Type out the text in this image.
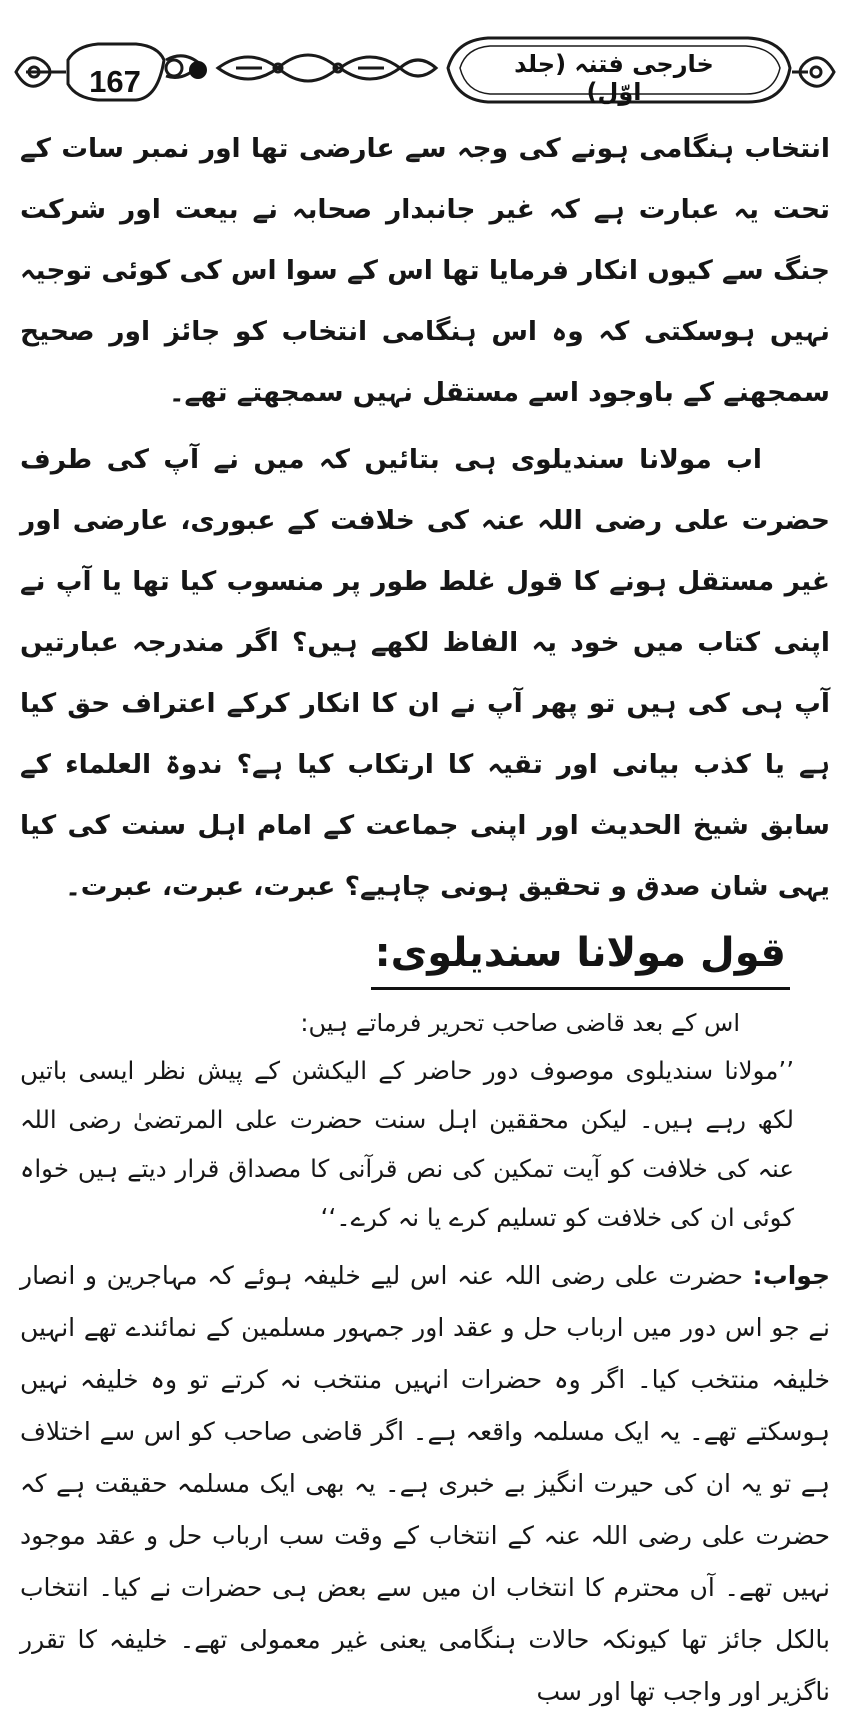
167	خارجی فتنہ (جلد اوّل)

انتخاب ہنگامی ہونے کی وجہ سے عارضی تھا اور نمبر سات کے تحت یہ عبارت ہے کہ غیر جانبدار صحابہ نے بیعت اور شرکت جنگ سے کیوں انکار فرمایا تھا اس کے سوا اس کی کوئی توجیہ نہیں ہوسکتی کہ وہ اس ہنگامی انتخاب کو جائز اور صحیح سمجھنے کے باوجود اسے مستقل نہیں سمجھتے تھے۔

اب مولانا سندیلوی ہی بتائیں کہ میں نے آپ کی طرف حضرت علی رضی اللہ عنہ کی خلافت کے عبوری، عارضی اور غیر مستقل ہونے کا قول غلط طور پر منسوب کیا تھا یا آپ نے اپنی کتاب میں خود یہ الفاظ لکھے ہیں؟ اگر مندرجہ عبارتیں آپ ہی کی ہیں تو پھر آپ نے ان کا انکار کرکے اعتراف حق کیا ہے یا کذب بیانی اور تقیہ کا ارتکاب کیا ہے؟ ندوۃ العلماء کے سابق شیخ الحدیث اور اپنی جماعت کے امام اہل سنت کی کیا یہی شان صدق و تحقیق ہونی چاہیے؟ عبرت، عبرت، عبرت۔

قول مولانا سندیلوی:

اس کے بعد قاضی صاحب تحریر فرماتے ہیں:

’’مولانا سندیلوی موصوف دور حاضر کے الیکشن کے پیش نظر ایسی باتیں لکھ رہے ہیں۔ لیکن محققین اہل سنت حضرت علی المرتضیٰ رضی اللہ عنہ کی خلافت کو آیت تمکین کی نص قرآنی کا مصداق قرار دیتے ہیں خواہ کوئی ان کی خلافت کو تسلیم کرے یا نہ کرے۔‘‘

جواب: حضرت علی رضی اللہ عنہ اس لیے خلیفہ ہوئے کہ مہاجرین و انصار نے جو اس دور میں ارباب حل و عقد اور جمہور مسلمین کے نمائندے تھے انہیں خلیفہ منتخب کیا۔ اگر وہ حضرات انہیں منتخب نہ کرتے تو وہ خلیفہ نہیں ہوسکتے تھے۔ یہ ایک مسلمہ واقعہ ہے۔ اگر قاضی صاحب کو اس سے اختلاف ہے تو یہ ان کی حیرت انگیز بے خبری ہے۔ یہ بھی ایک مسلمہ حقیقت ہے کہ حضرت علی رضی اللہ عنہ کے انتخاب کے وقت سب ارباب حل و عقد موجود نہیں تھے۔ آں محترم کا انتخاب ان میں سے بعض ہی حضرات نے کیا۔ انتخاب بالکل جائز تھا کیونکہ حالات ہنگامی یعنی غیر معمولی تھے۔ خلیفہ کا تقرر ناگزیر اور واجب تھا اور سب
